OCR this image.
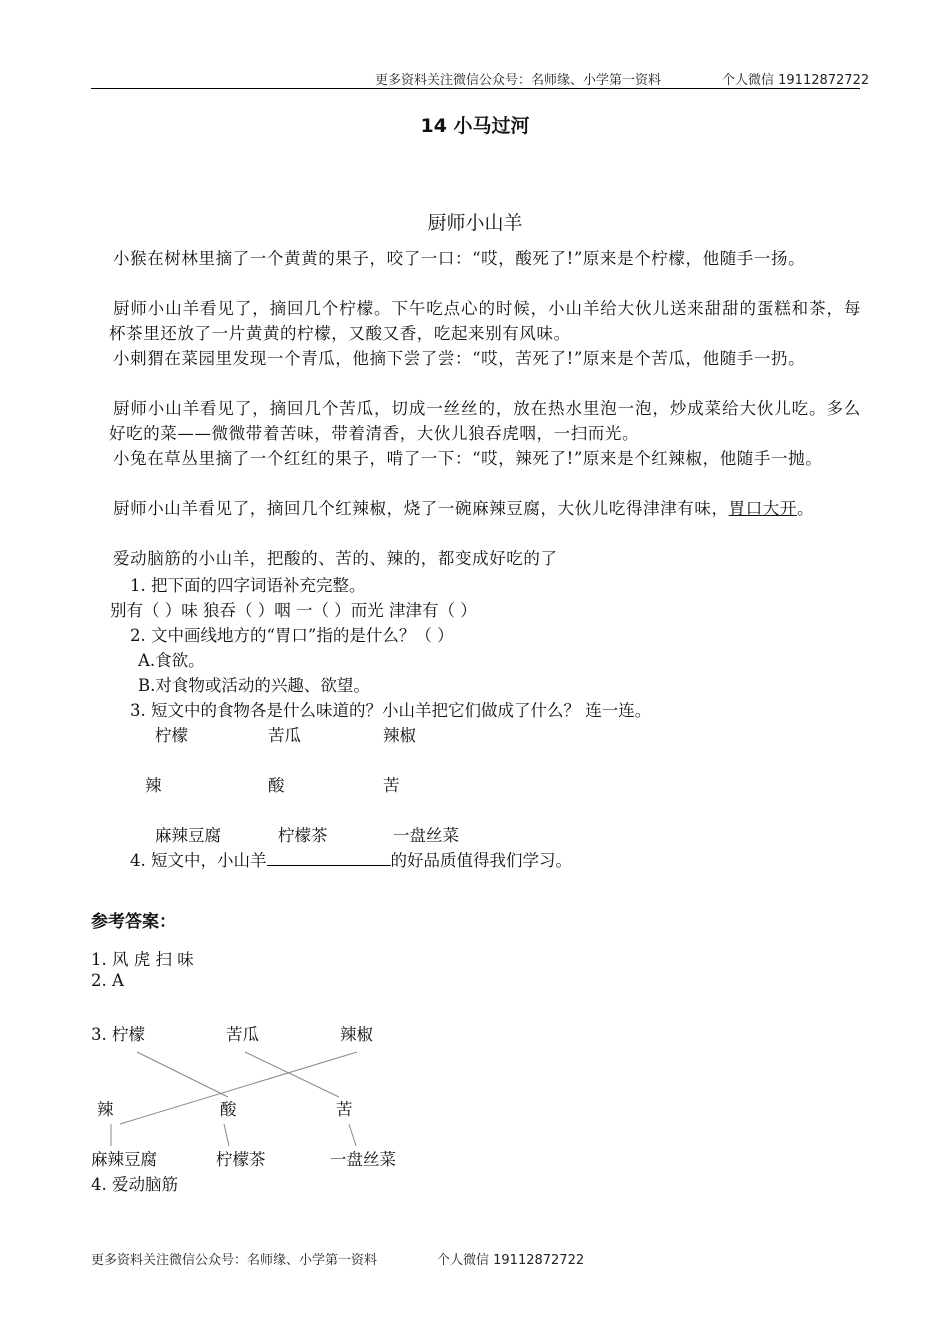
更多资料关注微信公众号：名师缘、小学第一资料	个人微信 19112872722
14 小马过河
厨师小山羊
小猴在树林里摘了一个黄黄的果子，咬了一口：“哎，酸死了!”原来是个柠檬，他随手一扬。
厨师小山羊看见了，摘回几个柠檬。下午吃点心的时候，小山羊给大伙儿送来甜甜的蛋糕和茶，每杯茶里还放了一片黄黄的柠檬，又酸又香，吃起来别有风味。
小刺猬在菜园里发现一个青瓜，他摘下尝了尝：“哎，苦死了!”原来是个苦瓜，他随手一扔。
厨师小山羊看见了，摘回几个苦瓜，切成一丝丝的，放在热水里泡一泡，炒成菜给大伙儿吃。多么好吃的菜——微微带着苦味，带着清香，大伙儿狼吞虎咽，一扫而光。
小兔在草丛里摘了一个红红的果子，啃了一下：“哎，辣死了!”原来是个红辣椒，他随手一抛。
厨师小山羊看见了，摘回几个红辣椒，烧了一碗麻辣豆腐，大伙儿吃得津津有味，胃口大开。
爱动脑筋的小山羊，把酸的、苦的、辣的，都变成好吃的了
1. 把下面的四字词语补充完整。
别有（ ）味 狼吞（ ）咽 一（ ）而光 津津有（ ）
2. 文中画线地方的“胃口”指的是什么？（ ）
A.食欲。
B.对食物或活动的兴趣、欲望。
3. 短文中的食物各是什么味道的？小山羊把它们做成了什么？ 连一连。
柠檬	苦瓜	辣椒
辣	酸	苦
麻辣豆腐	柠檬茶	一盘丝菜
4. 短文中，小山羊	的好品质值得我们学习。
参考答案：
1. 风 虎 扫 味
2. A
3. 柠檬	苦瓜	辣椒
辣	酸	苦
麻辣豆腐	柠檬茶	一盘丝菜
4. 爱动脑筋
更多资料关注微信公众号：名师缘、小学第一资料	个人微信 19112872722
